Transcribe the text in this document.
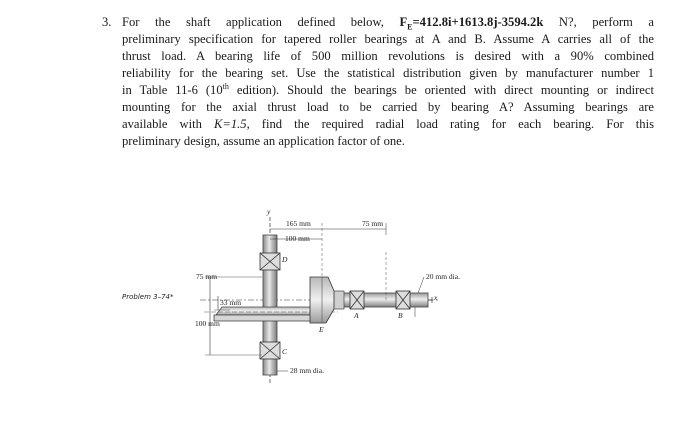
3. For the shaft application defined below, $F_E=412.8i+1613.8j-3594.2k$ N?, perform a
preliminary specification for tapered roller bearings at A and B. Assume A carries all of the
thrust load. A bearing life of 500 million revolutions is desired with a 90% combined
reliability for the bearing set. Use the statistical distribution given by manufacturer number 1
in Table 11-6 (10th edition). Should the bearings be oriented with direct mounting or indirect
mounting for the axial thrust load to be carried by bearing A? Assuming bearings are
available with K=1.5, find the required radial load rating for each bearing. For this
preliminary design, assume an application factor of one.
Problem 3–74*
165 mm	75 mm
100 mm
75 mm
33 mm
100 mm
20 mm dia.
28 mm dia.
y
x
D
C
E
A	B
